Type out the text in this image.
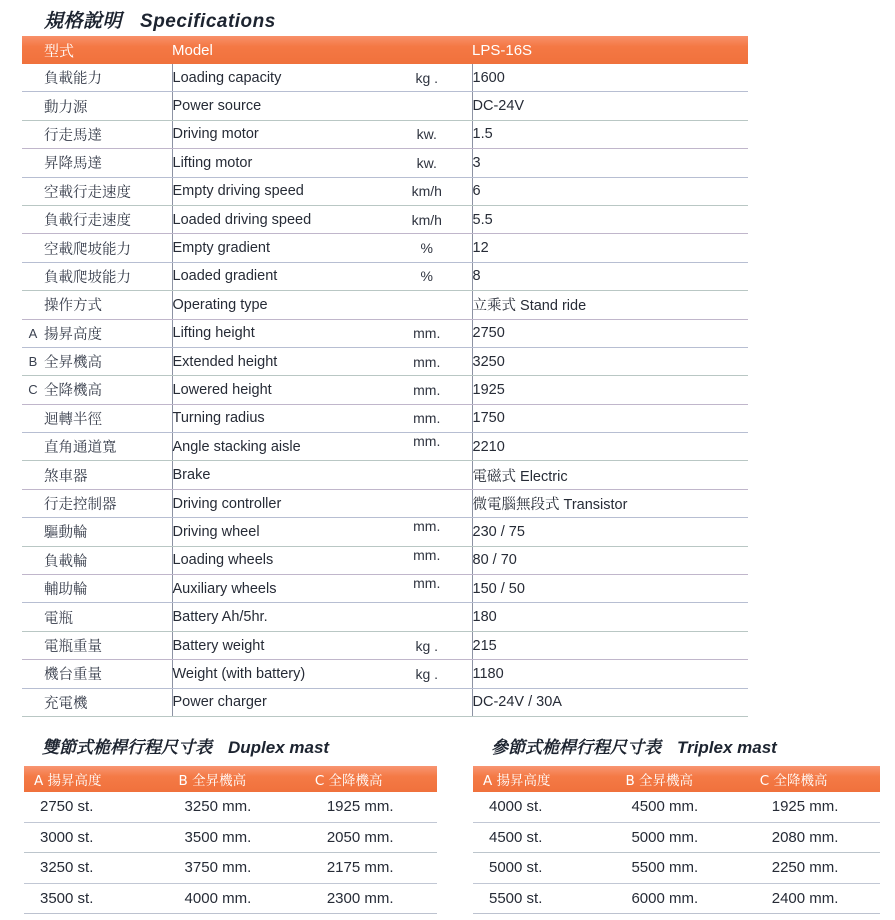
規格說明 Specifications
	型式	Model		LPS-16S
	負載能力	Loading capacity	kg .	1600
	動力源	Power source		DC-24V
	行走馬達	Driving motor	kw.	1.5
	昇降馬達	Lifting motor	kw.	3
	空載行走速度	Empty driving speed	km/h	6
	負載行走速度	Loaded driving speed	km/h	5.5
	空載爬坡能力	Empty gradient	%	12
	負載爬坡能力	Loaded gradient	%	8
	操作方式	Operating type		立乘式 Stand ride
A	揚昇高度	Lifting height	mm.	2750
B	全昇機高	Extended height	mm.	3250
C	全降機高	Lowered height	mm.	1925
	迴轉半徑	Turning radius	mm.	1750
	直角通道寬	Angle stacking aisle	mm.	2210
	煞車器	Brake		電磁式 Electric
	行走控制器	Driving controller		微電腦無段式 Transistor
	驅動輪	Driving wheel	mm.	230 / 75
	負載輪	Loading wheels	mm.	80 / 70
	輔助輪	Auxiliary wheels	mm.	150 / 50
	電瓶	Battery Ah/5hr.		180
	電瓶重量	Battery weight	kg .	215
	機台重量	Weight (with battery)	kg .	1180
	充電機	Power charger		DC-24V / 30A
雙節式桅桿行程尺寸表 Duplex mast
A 揚昇高度	B 全昇機高	C 全降機高
2750 st.	3250 mm.	1925 mm.
3000 st.	3500 mm.	2050 mm.
3250 st.	3750 mm.	2175 mm.
3500 st.	4000 mm.	2300 mm.
參節式桅桿行程尺寸表 Triplex mast
A 揚昇高度	B 全昇機高	C 全降機高
4000 st.	4500 mm.	1925 mm.
4500 st.	5000 mm.	2080 mm.
5000 st.	5500 mm.	2250 mm.
5500 st.	6000 mm.	2400 mm.
